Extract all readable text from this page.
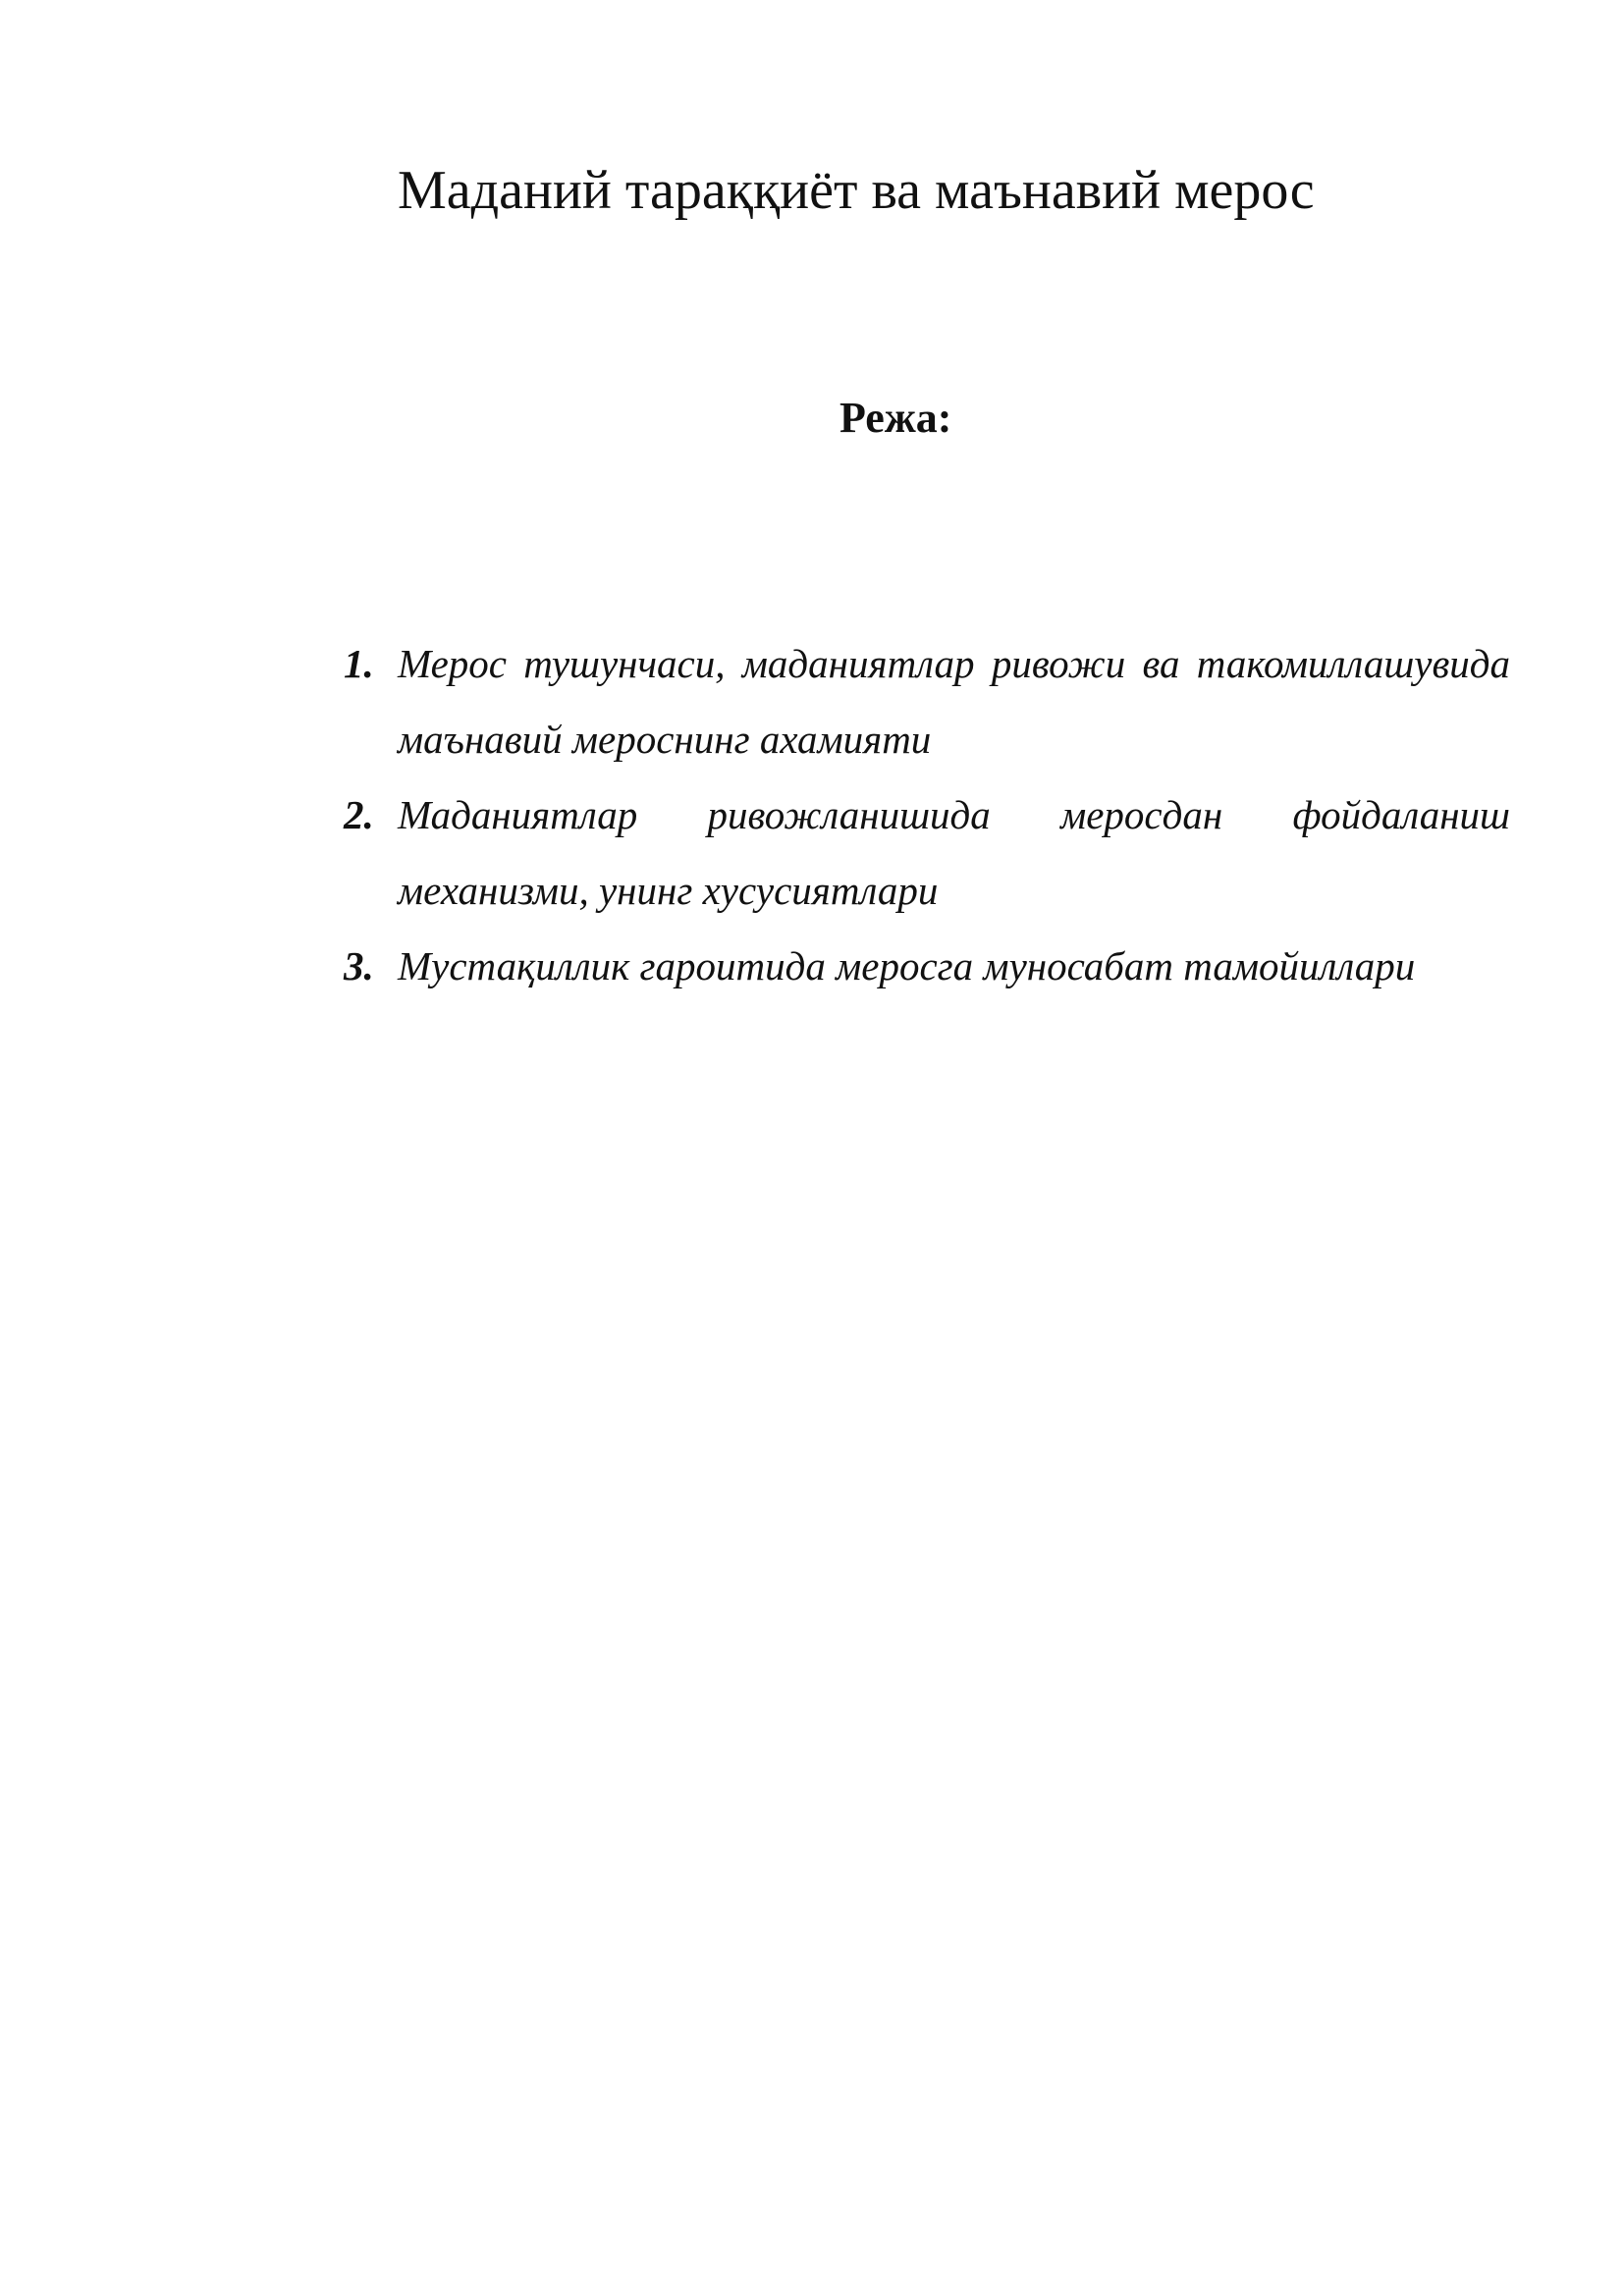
Маданий тараққиёт ва маънавий мерос
Режа:
1. Мерос тушунчаси, маданиятлар ривожи ва такомиллашувида маънавий мероснинг ахамияти
2. Маданиятлар ривожланишида меросдан фойдаланиш механизми, унинг хусусиятлари
3. Мустақиллик гароитида меросга муносабат тамойиллари
